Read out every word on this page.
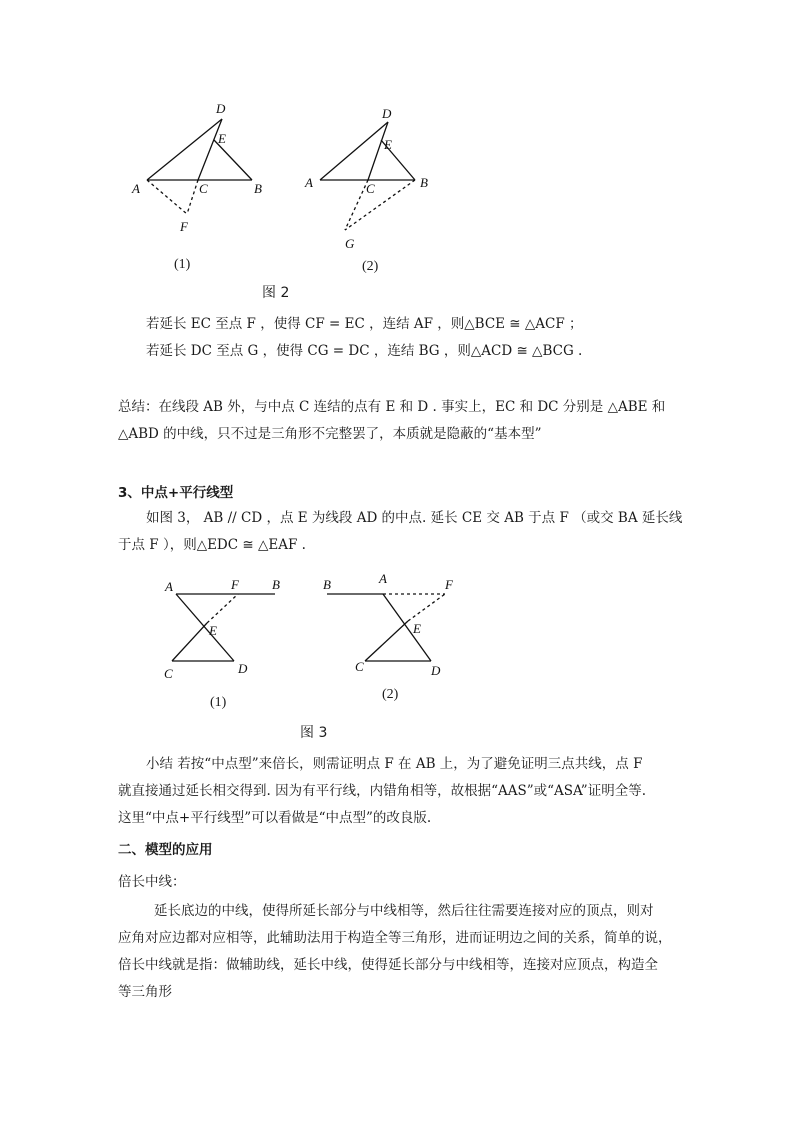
D
E
A	C	B
F
D
E
A	C	B
G
(1)	(2)
图 2
若延长 EC 至点 F ，使得 CF = EC ，连结 AF ，则△BCE ≅ △ACF ；
若延长 DC 至点 G ，使得 CG = DC ，连结 BG ，则△ACD ≅ △BCG .
总结：在线段 AB 外，与中点 C 连结的点有 E 和 D . 事实上，EC 和 DC 分别是 △ABE 和
△ABD 的中线，只不过是三角形不完整罢了，本质就是隐蔽的“基本型”
3、中点+平行线型
如图 3， AB // CD ，点 E 为线段 AD 的中点. 延长 CE 交 AB 于点 F （或交 BA 延长线
于点 F ），则△EDC ≅ △EAF .
A	F	B
E
C	D
B	A	F
E
C	D
(1)
(2)
图 3
小结 若按“中点型”来倍长，则需证明点 F 在 AB 上，为了避免证明三点共线，点 F
就直接通过延长相交得到. 因为有平行线，内错角相等，故根据“AAS”或“ASA”证明全等.
这里“中点+平行线型”可以看做是“中点型”的改良版.
二、模型的应用
倍长中线：
延长底边的中线，使得所延长部分与中线相等，然后往往需要连接对应的顶点，则对
应角对应边都对应相等，此辅助法用于构造全等三角形，进而证明边之间的关系，简单的说，
倍长中线就是指：做辅助线，延长中线，使得延长部分与中线相等，连接对应顶点，构造全
等三角形
